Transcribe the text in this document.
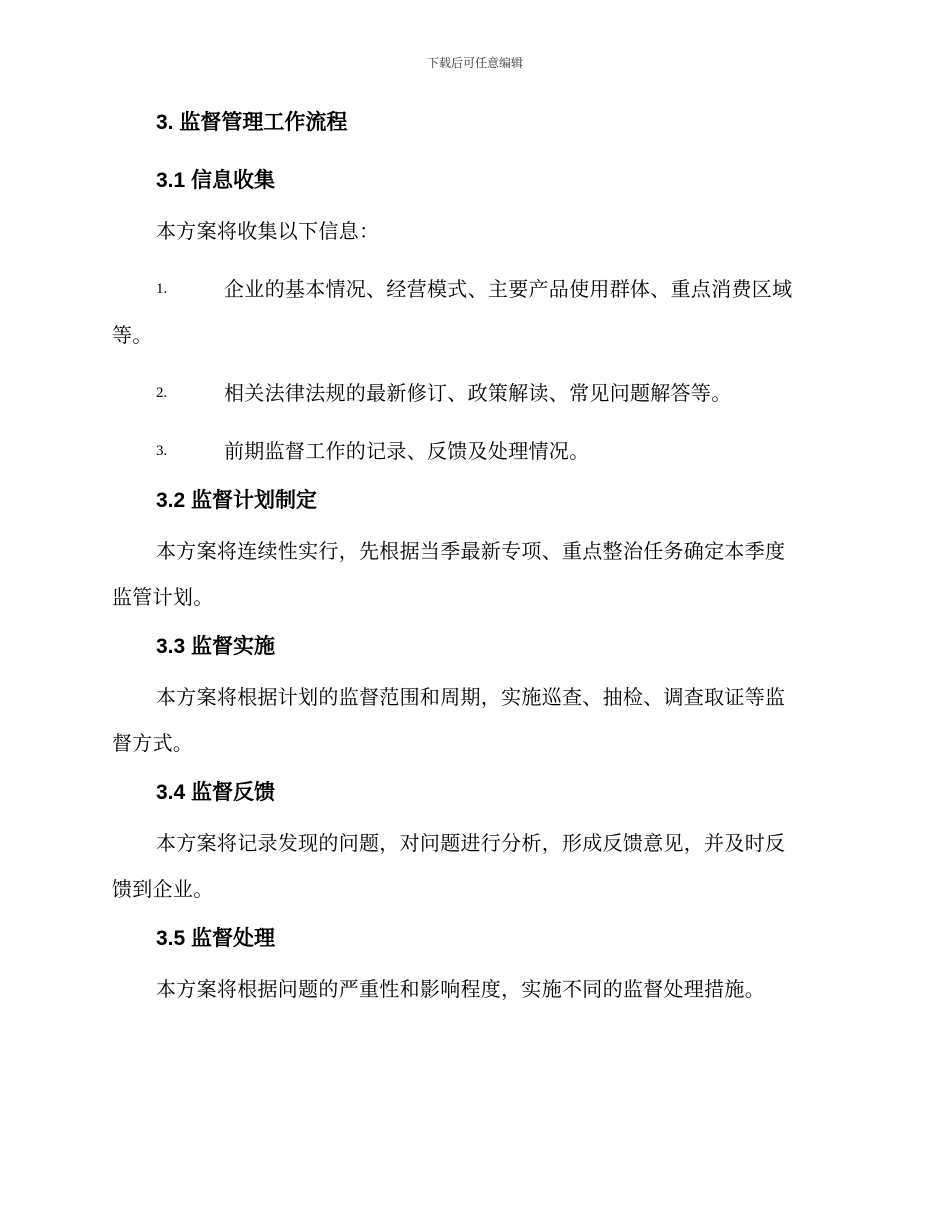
下载后可任意编辑
3. 监督管理工作流程
3.1 信息收集

本方案将收集以下信息：

1.	企业的基本情况、经营模式、主要产品使用群体、重点消费区域
等。
2.	相关法律法规的最新修订、政策解读、常见问题解答等。
3.	前期监督工作的记录、反馈及处理情况。
3.2 监督计划制定

本方案将连续性实行，先根据当季最新专项、重点整治任务确定本季度

监管计划。

3.3 监督实施

本方案将根据计划的监督范围和周期，实施巡查、抽检、调查取证等监

督方式。

3.4 监督反馈

本方案将记录发现的问题，对问题进行分析，形成反馈意见，并及时反

馈到企业。

3.5 监督处理

本方案将根据问题的严重性和影响程度，实施不同的监督处理措施。
